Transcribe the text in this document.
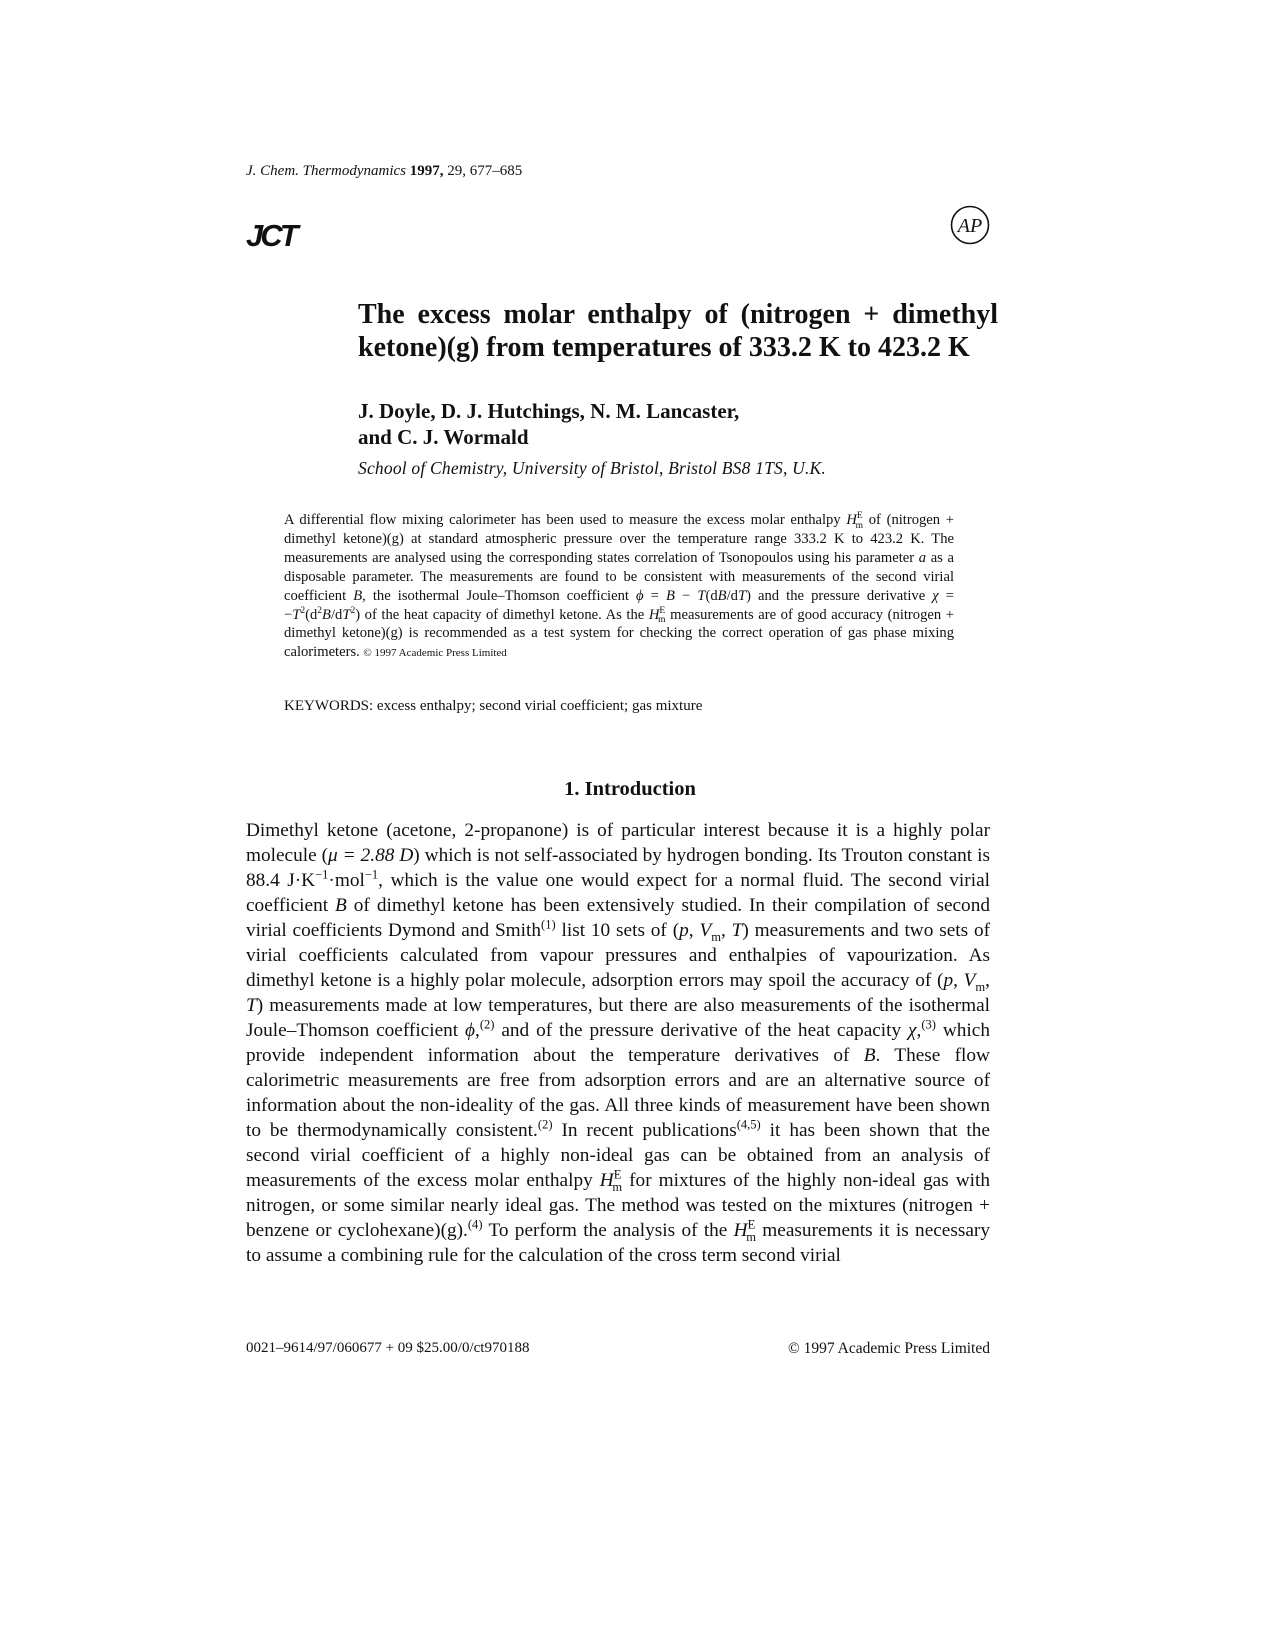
J. Chem. Thermodynamics 1997, 29, 677–685
JCT	AP
The excess molar enthalpy of (nitrogen + dimethyl ketone)(g) from temperatures of 333.2 K to 423.2 K
J. Doyle, D. J. Hutchings, N. M. Lancaster,
and C. J. Wormald
School of Chemistry, University of Bristol, Bristol BS8 1TS, U.K.
A differential flow mixing calorimeter has been used to measure the excess molar enthalpy $H^E_m$ of (nitrogen + dimethyl ketone)(g) at standard atmospheric pressure over the temperature range 333.2 K to 423.2 K. The measurements are analysed using the corresponding states correlation of Tsonopoulos using his parameter a as a disposable parameter. The measurements are found to be consistent with measurements of the second virial coefficient B, the isothermal Joule–Thomson coefficient ϕ = B − T(dB/dT) and the pressure derivative $\chi = -T^2(d^2B/dT^2)$ of the heat capacity of dimethyl ketone. As the $H^E_m$ measurements are of good accuracy (nitrogen + dimethyl ketone)(g) is recommended as a test system for checking the correct operation of gas phase mixing calorimeters. © 1997 Academic Press Limited
KEYWORDS: excess enthalpy; second virial coefficient; gas mixture
1. Introduction
Dimethyl ketone (acetone, 2-propanone) is of particular interest because it is a highly polar molecule (μ = 2.88 D) which is not self-associated by hydrogen bonding. Its Trouton constant is 88.4 $J\cdot K^{-1}\cdot mol^{-1}$, which is the value one would expect for a normal fluid. The second virial coefficient B of dimethyl ketone has been extensively studied. In their compilation of second virial coefficients Dymond and Smith$^{(1)}$ list 10 sets of (p, $V_m$, T) measurements and two sets of virial coefficients calculated from vapour pressures and enthalpies of vapourization. As dimethyl ketone is a highly polar molecule, adsorption errors may spoil the accuracy of (p, $V_m$, T) measurements made at low temperatures, but there are also measurements of the isothermal Joule–Thomson coefficient ϕ,$^{(2)}$ and of the pressure derivative of the heat capacity χ,$^{(3)}$ which provide independent information about the temperature derivatives of B. These flow calorimetric measurements are free from adsorption errors and are an alternative source of information about the non-ideality of the gas. All three kinds of measurement have been shown to be thermodynamically consistent.$^{(2)}$ In recent publications$^{(4,5)}$ it has been shown that the second virial coefficient of a highly non-ideal gas can be obtained from an analysis of measurements of the excess molar enthalpy $H^E_m$ for mixtures of the highly non-ideal gas with nitrogen, or some similar nearly ideal gas. The method was tested on the mixtures (nitrogen + benzene or cyclohexane)(g).$^{(4)}$ To perform the analysis of the $H^E_m$ measurements it is necessary to assume a combining rule for the calculation of the cross term second virial
0021–9614/97/060677 + 09 $25.00/0/ct970188	© 1997 Academic Press Limited
